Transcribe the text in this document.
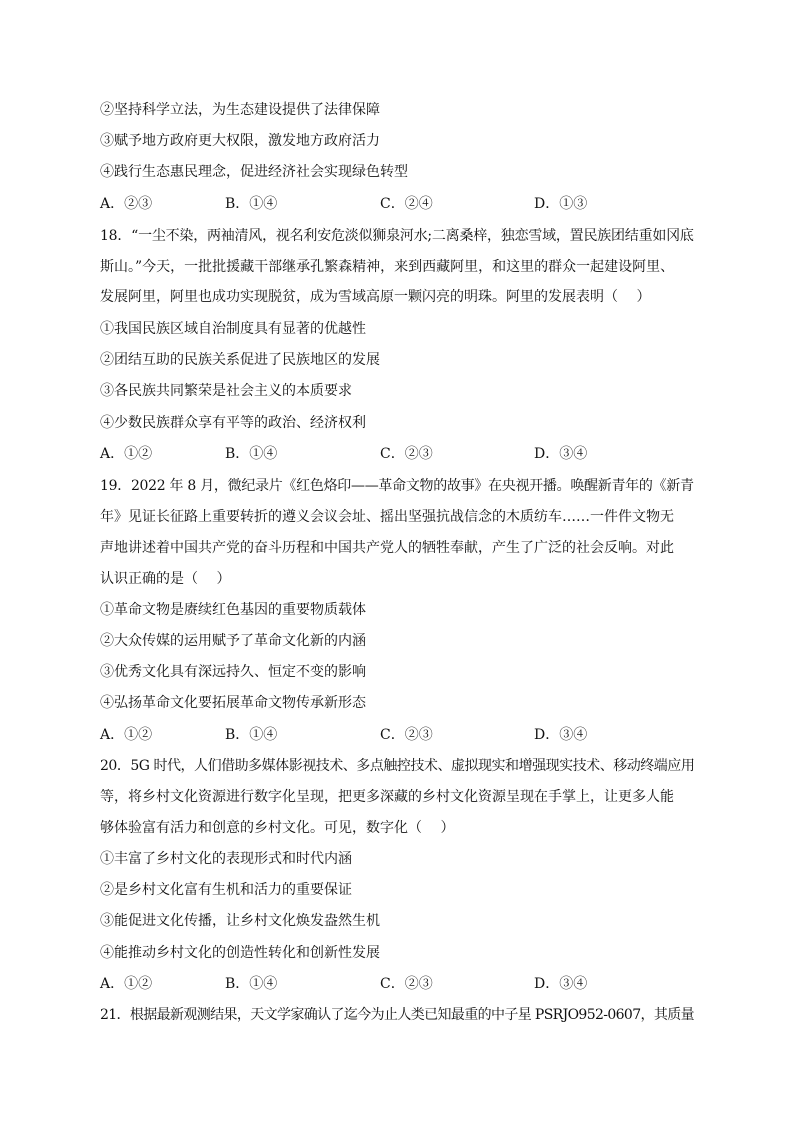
②坚持科学立法，为生态建设提供了法律保障
③赋予地方政府更大权限，激发地方政府活力
④践行生态惠民理念，促进经济社会实现绿色转型
A．②③	B．①④	C．②④	D．①③
18．“一尘不染，两袖清风，视名利安危淡似狮泉河水;二离桑梓，独恋雪域，置民族团结重如冈底
斯山。”今天，一批批援藏干部继承孔繁森精神，来到西藏阿里，和这里的群众一起建设阿里、
发展阿里，阿里也成功实现脱贫，成为雪域高原一颗闪亮的明珠。阿里的发展表明（　 ）
①我国民族区域自治制度具有显著的优越性
②团结互助的民族关系促进了民族地区的发展
③各民族共同繁荣是社会主义的本质要求
④少数民族群众享有平等的政治、经济权利
A．①②	B．①④	C．②③	D．③④
19．2022 年 8 月，微纪录片《红色烙印——革命文物的故事》在央视开播。唤醒新青年的《新青
年》见证长征路上重要转折的遵义会议会址、摇出坚强抗战信念的木质纺车……一件件文物无
声地讲述着中国共产党的奋斗历程和中国共产党人的牺牲奉献，产生了广泛的社会反响。对此
认识正确的是（　 ）
①革命文物是赓续红色基因的重要物质载体
②大众传媒的运用赋予了革命文化新的内涵
③优秀文化具有深远持久、恒定不变的影响
④弘扬革命文化要拓展革命文物传承新形态
A．①②	B．①④	C．②③	D．③④
20．5G 时代，人们借助多媒体影视技术、多点触控技术、虚拟现实和增强现实技术、移动终端应用
等，将乡村文化资源进行数字化呈现，把更多深藏的乡村文化资源呈现在手掌上，让更多人能
够体验富有活力和创意的乡村文化。可见，数字化（　 ）
①丰富了乡村文化的表现形式和时代内涵
②是乡村文化富有生机和活力的重要保证
③能促进文化传播，让乡村文化焕发盎然生机
④能推动乡村文化的创造性转化和创新性发展
A．①②	B．①④	C．②③	D．③④
21．根据最新观测结果，天文学家确认了迄今为止人类已知最重的中子星 PSRJO952-0607，其质量
